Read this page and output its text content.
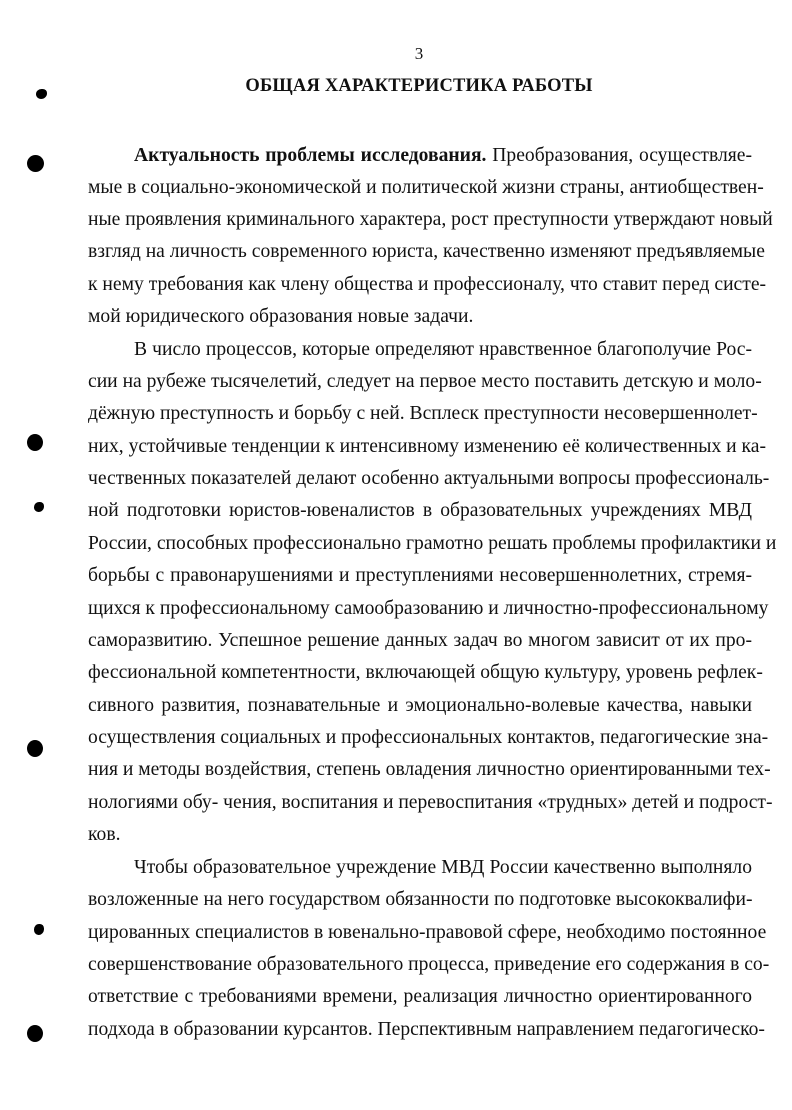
3
ОБЩАЯ ХАРАКТЕРИСТИКА РАБОТЫ
Актуальность проблемы исследования. Преобразования, осуществляе-
мые в социально-экономической и политической жизни страны, антиобществен-
ные проявления криминального характера, рост преступности утверждают новый
взгляд на личность современного юриста, качественно изменяют предъявляемые
к нему требования как члену общества и профессионалу, что ставит перед систе-
мой юридического образования новые задачи.
В число процессов, которые определяют нравственное благополучие Рос-
сии на рубеже тысячелетий, следует на первое место поставить детскую и моло-
дёжную преступность и борьбу с ней. Всплеск преступности несовершеннолет-
них, устойчивые тенденции к интенсивному изменению её количественных и ка-
чественных показателей делают особенно актуальными вопросы профессиональ-
ной подготовки юристов-ювеналистов в образовательных учреждениях МВД
России, способных профессионально грамотно решать проблемы профилактики и
борьбы с правонарушениями и преступлениями несовершеннолетних, стремя-
щихся к профессиональному самообразованию и личностно-профессиональному
саморазвитию. Успешное решение данных задач во многом зависит от их про-
фессиональной компетентности, включающей общую культуру, уровень рефлек-
сивного развития, познавательные и эмоционально-волевые качества, навыки
осуществления социальных и профессиональных контактов, педагогические зна-
ния и методы воздействия, степень овладения личностно ориентированными тех-
нологиями обу- чения, воспитания и перевоспитания «трудных» детей и подрост-
ков.
Чтобы образовательное учреждение МВД России качественно выполняло
возложенные на него государством обязанности по подготовке высококвалифи-
цированных специалистов в ювенально-правовой сфере, необходимо постоянное
совершенствование образовательного процесса, приведение его содержания в со-
ответствие с требованиями времени, реализация личностно ориентированного
подхода в образовании курсантов. Перспективным направлением педагогическо-
